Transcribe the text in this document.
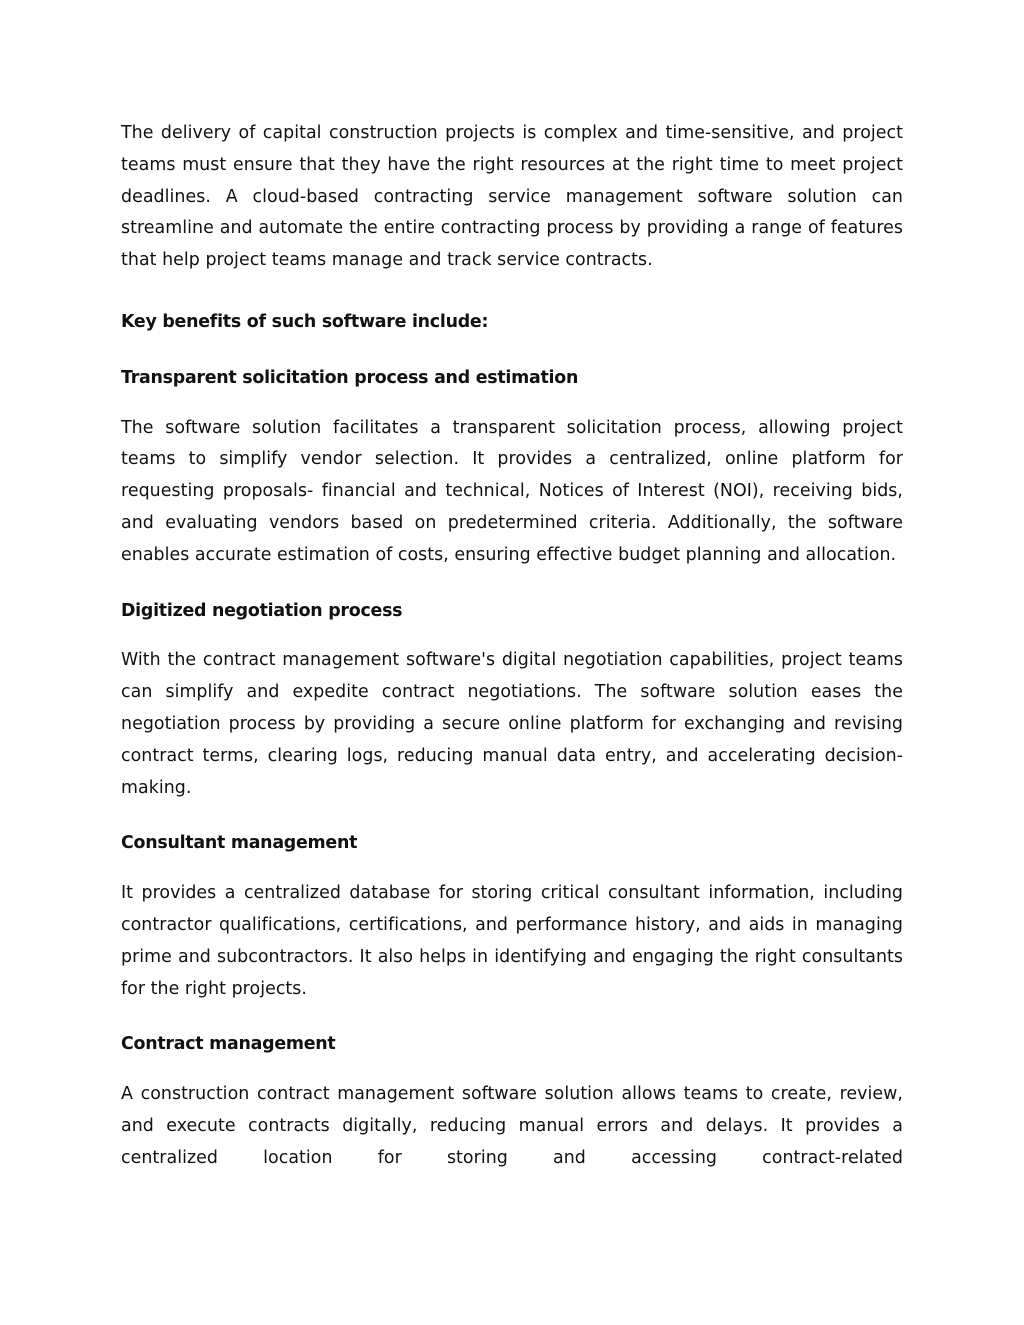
The delivery of capital construction projects is complex and time-sensitive, and project teams must ensure that they have the right resources at the right time to meet project deadlines. A cloud-based contracting service management software solution can streamline and automate the entire contracting process by providing a range of features that help project teams manage and track service contracts.

Key benefits of such software include:
Transparent solicitation process and estimation

The software solution facilitates a transparent solicitation process, allowing project teams to simplify vendor selection. It provides a centralized, online platform for requesting proposals- financial and technical, Notices of Interest (NOI), receiving bids, and evaluating vendors based on predetermined criteria. Additionally, the software enables accurate estimation of costs, ensuring effective budget planning and allocation.

Digitized negotiation process

With the contract management software's digital negotiation capabilities, project teams can simplify and expedite contract negotiations. The software solution eases the negotiation process by providing a secure online platform for exchanging and revising contract terms, clearing logs, reducing manual data entry, and accelerating decision-making.

Consultant management

It provides a centralized database for storing critical consultant information, including contractor qualifications, certifications, and performance history, and aids in managing prime and subcontractors. It also helps in identifying and engaging the right consultants for the right projects.

Contract management

A construction contract management software solution allows teams to create, review, and execute contracts digitally, reducing manual errors and delays. It provides a centralized location for storing and accessing contract-related
